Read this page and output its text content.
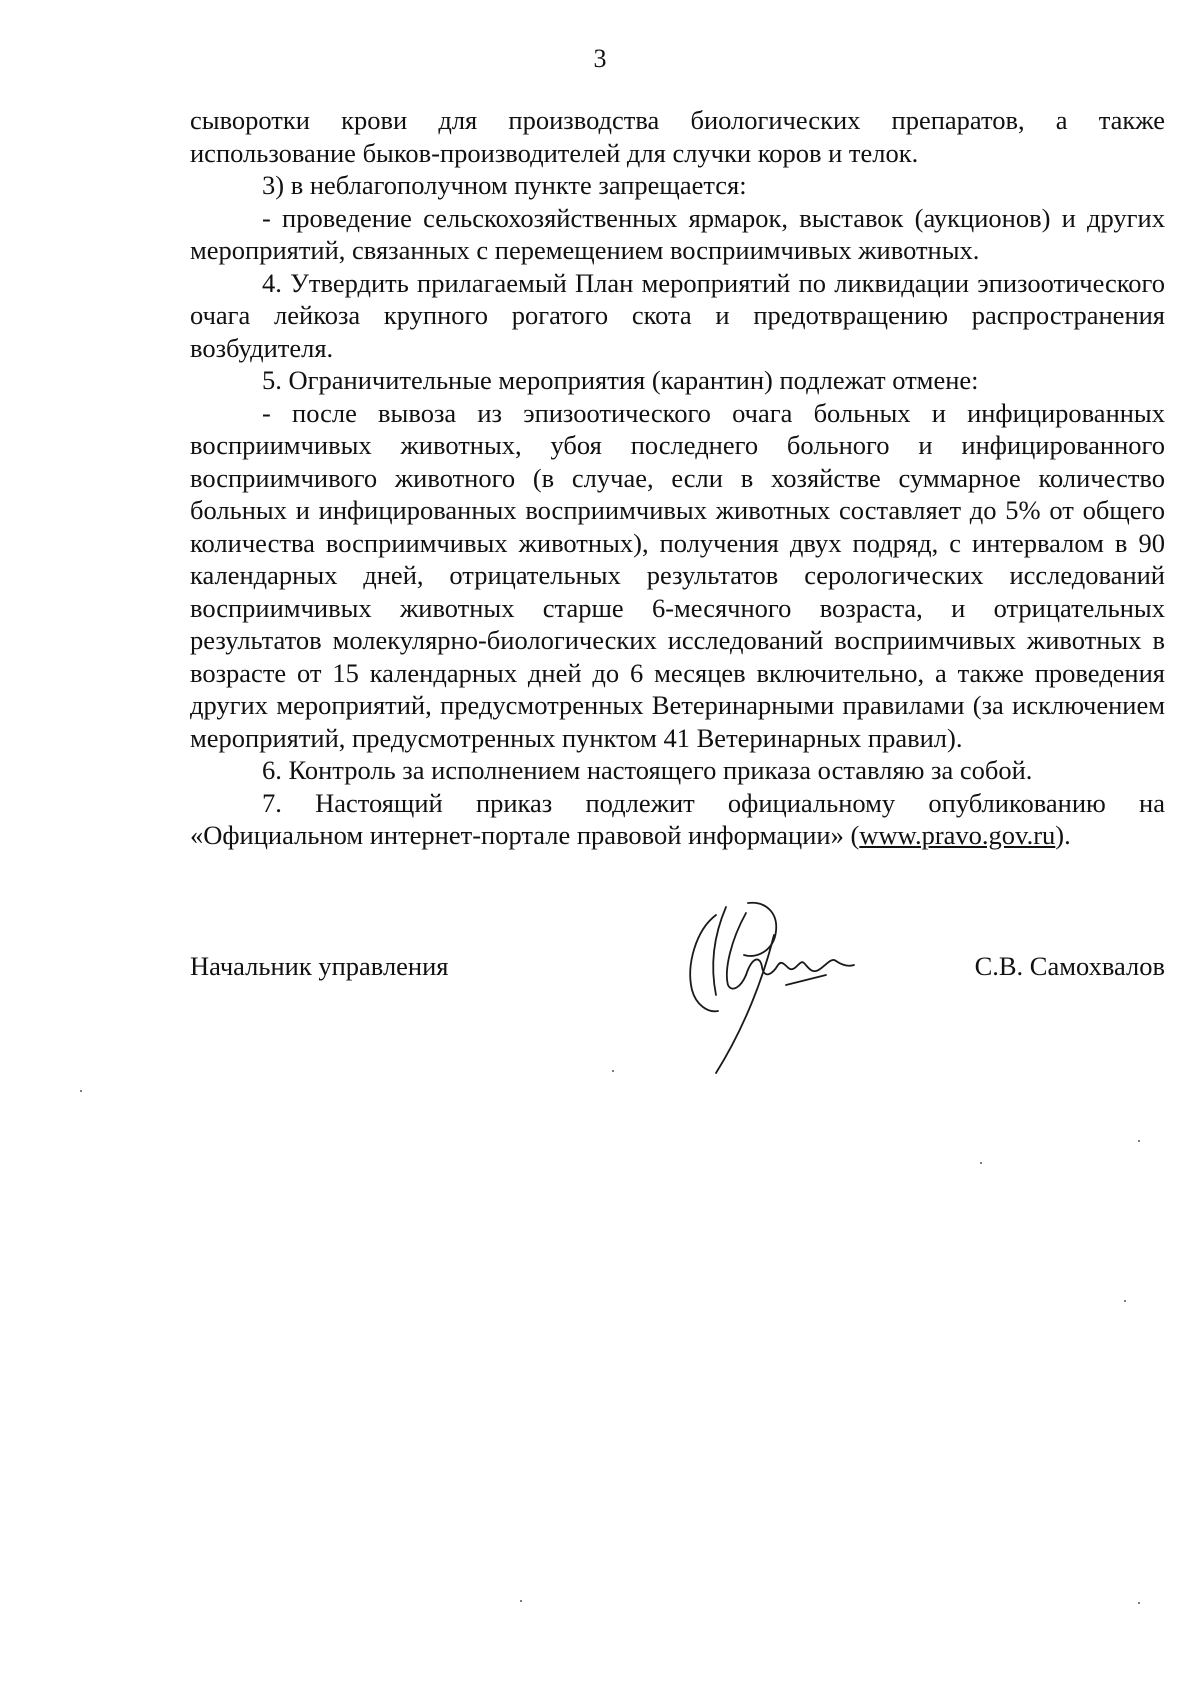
3

сыворотки крови для производства биологических препаратов, а также использование быков-производителей для случки коров и телок.

3) в неблагополучном пункте запрещается:

- проведение сельскохозяйственных ярмарок, выставок (аукционов) и других мероприятий, связанных с перемещением восприимчивых животных.

4. Утвердить прилагаемый План мероприятий по ликвидации эпизоотического очага лейкоза крупного рогатого скота и предотвращению распространения возбудителя.

5. Ограничительные мероприятия (карантин) подлежат отмене:

- после вывоза из эпизоотического очага больных и инфицированных восприимчивых животных, убоя последнего больного и инфицированного восприимчивого животного (в случае, если в хозяйстве суммарное количество больных и инфицированных восприимчивых животных составляет до 5% от общего количества восприимчивых животных), получения двух подряд, с интервалом в 90 календарных дней, отрицательных результатов серологических исследований восприимчивых животных старше 6-месячного возраста, и отрицательных результатов молекулярно-биологических исследований восприимчивых животных в возрасте от 15 календарных дней до 6 месяцев включительно, а также проведения других мероприятий, предусмотренных Ветеринарными правилами (за исключением мероприятий, предусмотренных пунктом 41 Ветеринарных правил).

6. Контроль за исполнением настоящего приказа оставляю за собой.

7. Настоящий приказ подлежит официальному опубликованию на «Официальном интернет-портале правовой информации» (www.pravo.gov.ru).

Начальник управления	С.В. Самохвалов
